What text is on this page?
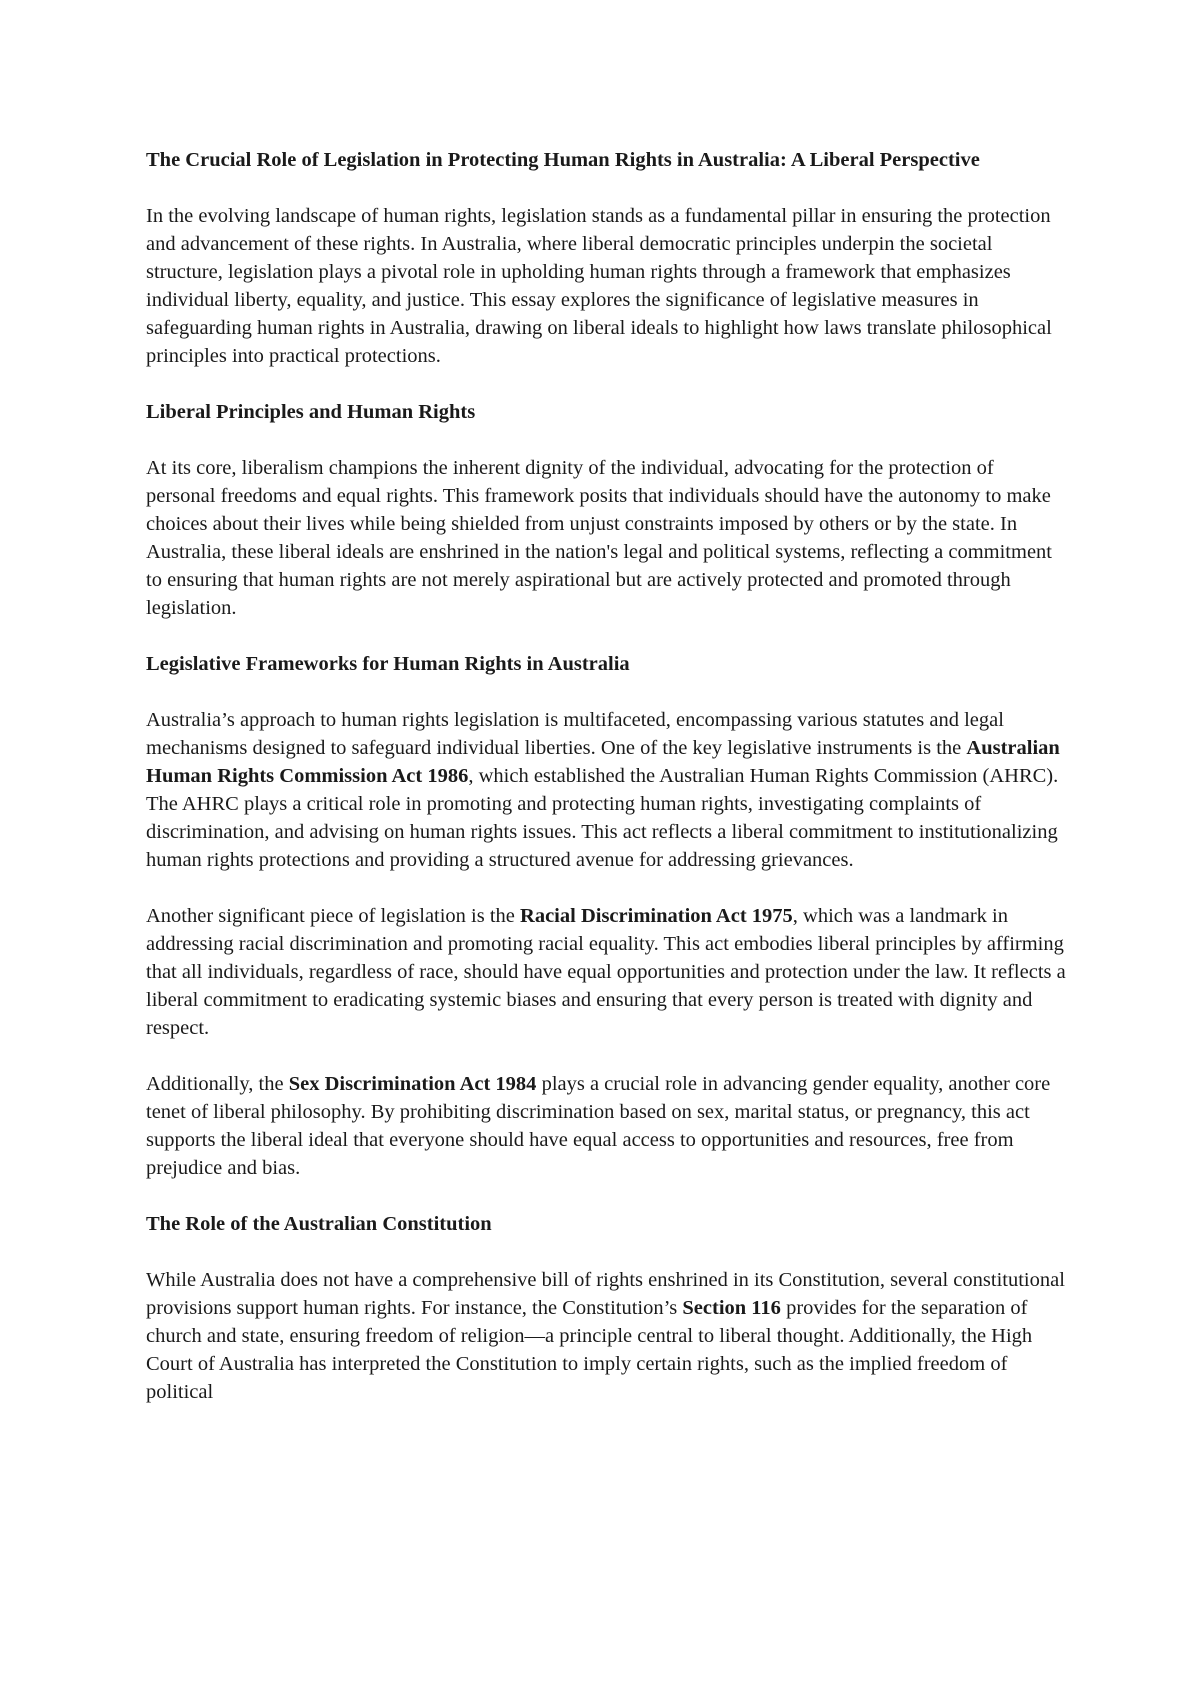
The Crucial Role of Legislation in Protecting Human Rights in Australia: A Liberal Perspective

In the evolving landscape of human rights, legislation stands as a fundamental pillar in ensuring the protection and advancement of these rights. In Australia, where liberal democratic principles underpin the societal structure, legislation plays a pivotal role in upholding human rights through a framework that emphasizes individual liberty, equality, and justice. This essay explores the significance of legislative measures in safeguarding human rights in Australia, drawing on liberal ideals to highlight how laws translate philosophical principles into practical protections.

Liberal Principles and Human Rights

At its core, liberalism champions the inherent dignity of the individual, advocating for the protection of personal freedoms and equal rights. This framework posits that individuals should have the autonomy to make choices about their lives while being shielded from unjust constraints imposed by others or by the state. In Australia, these liberal ideals are enshrined in the nation's legal and political systems, reflecting a commitment to ensuring that human rights are not merely aspirational but are actively protected and promoted through legislation.

Legislative Frameworks for Human Rights in Australia

Australia’s approach to human rights legislation is multifaceted, encompassing various statutes and legal mechanisms designed to safeguard individual liberties. One of the key legislative instruments is the Australian Human Rights Commission Act 1986, which established the Australian Human Rights Commission (AHRC). The AHRC plays a critical role in promoting and protecting human rights, investigating complaints of discrimination, and advising on human rights issues. This act reflects a liberal commitment to institutionalizing human rights protections and providing a structured avenue for addressing grievances.

Another significant piece of legislation is the Racial Discrimination Act 1975, which was a landmark in addressing racial discrimination and promoting racial equality. This act embodies liberal principles by affirming that all individuals, regardless of race, should have equal opportunities and protection under the law. It reflects a liberal commitment to eradicating systemic biases and ensuring that every person is treated with dignity and respect.

Additionally, the Sex Discrimination Act 1984 plays a crucial role in advancing gender equality, another core tenet of liberal philosophy. By prohibiting discrimination based on sex, marital status, or pregnancy, this act supports the liberal ideal that everyone should have equal access to opportunities and resources, free from prejudice and bias.

The Role of the Australian Constitution

While Australia does not have a comprehensive bill of rights enshrined in its Constitution, several constitutional provisions support human rights. For instance, the Constitution’s Section 116 provides for the separation of church and state, ensuring freedom of religion—a principle central to liberal thought. Additionally, the High Court of Australia has interpreted the Constitution to imply certain rights, such as the implied freedom of political
